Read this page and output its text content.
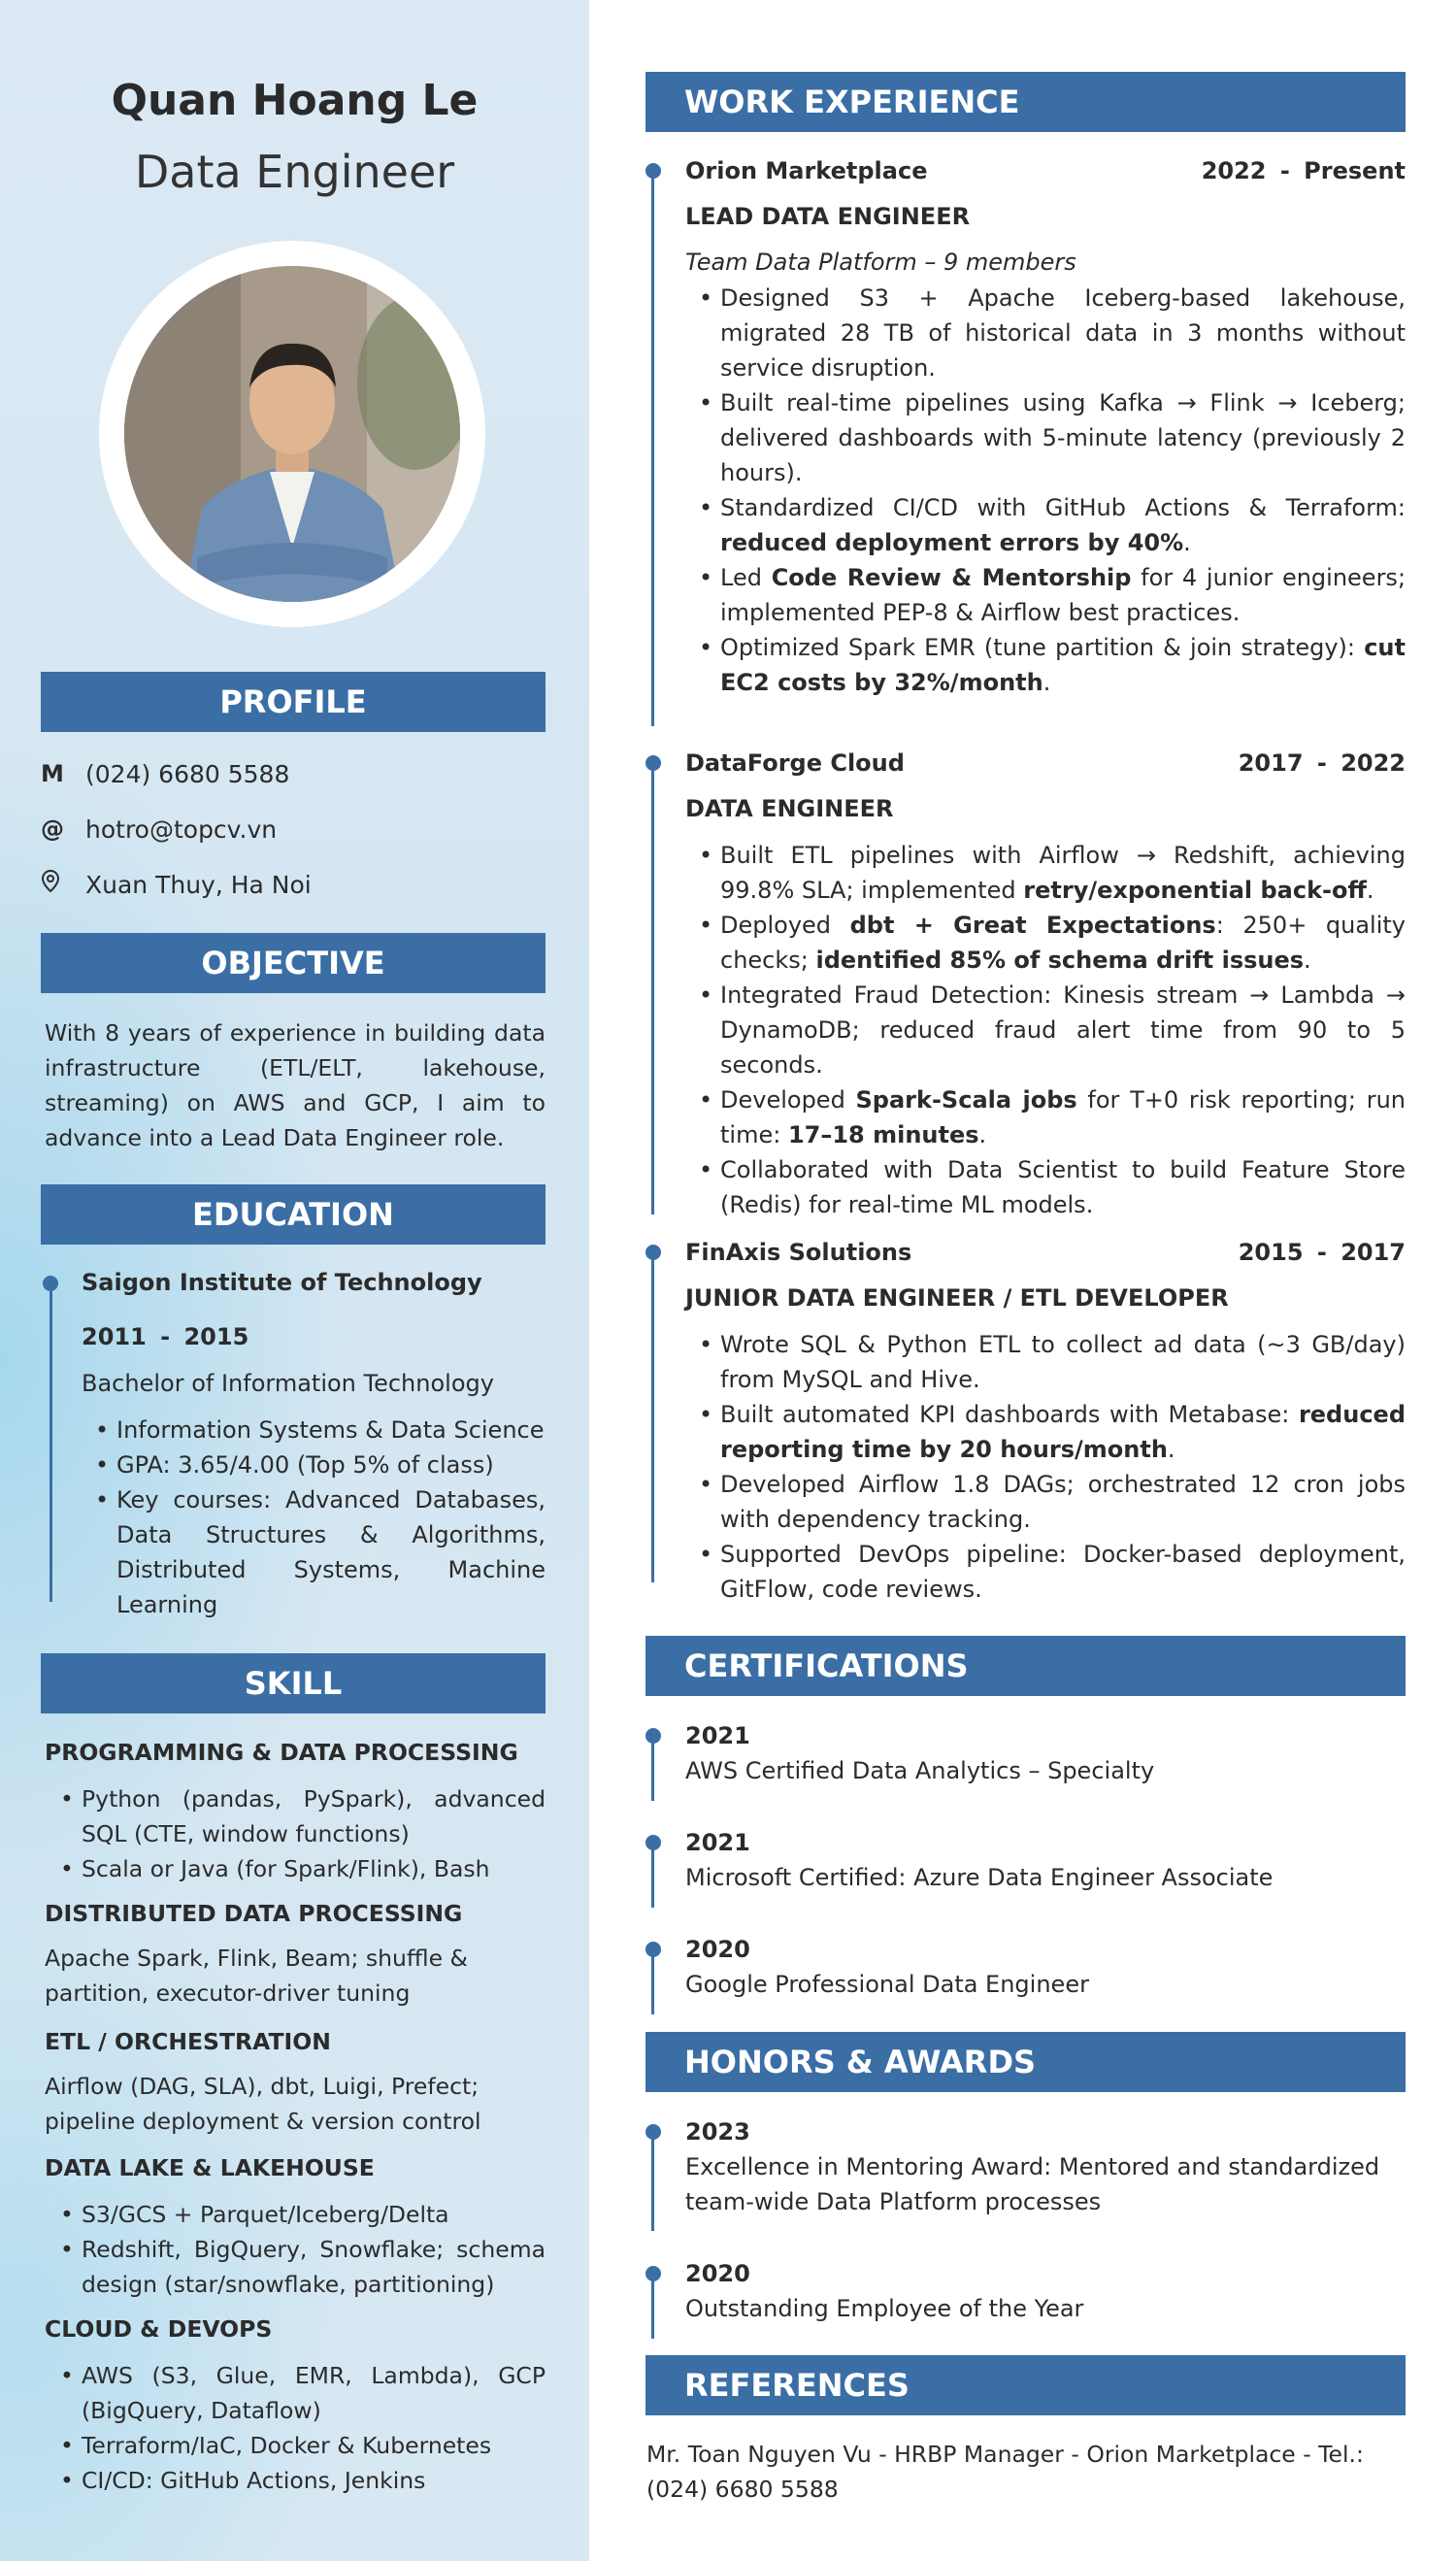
Quan Hoang Le
Data Engineer
PROFILE
M (024) 6680 5588
@ hotro@topcv.vn
Xuan Thuy, Ha Noi
OBJECTIVE
With 8 years of experience in building data infrastructure (ETL/ELT, lakehouse, streaming) on AWS and GCP, I aim to advance into a Lead Data Engineer role.
EDUCATION
Saigon Institute of Technology
2011 - 2015
Bachelor of Information Technology
• Information Systems & Data Science
• GPA: 3.65/4.00 (Top 5% of class)
• Key courses: Advanced Databases, Data Structures & Algorithms, Distributed Systems, Machine Learning
SKILL
PROGRAMMING & DATA PROCESSING
• Python (pandas, PySpark), advanced SQL (CTE, window functions)
• Scala or Java (for Spark/Flink), Bash
DISTRIBUTED DATA PROCESSING
Apache Spark, Flink, Beam; shuffle & partition, executor-driver tuning
ETL / ORCHESTRATION
Airflow (DAG, SLA), dbt, Luigi, Prefect; pipeline deployment & version control
DATA LAKE & LAKEHOUSE
• S3/GCS + Parquet/Iceberg/Delta
• Redshift, BigQuery, Snowflake; schema design (star/snowflake, partitioning)
CLOUD & DEVOPS
• AWS (S3, Glue, EMR, Lambda), GCP (BigQuery, Dataflow)
• Terraform/IaC, Docker & Kubernetes
• CI/CD: GitHub Actions, Jenkins
WORK EXPERIENCE
Orion Marketplace	2022 - Present
LEAD DATA ENGINEER
Team Data Platform – 9 members
• Designed S3 + Apache Iceberg-based lakehouse, migrated 28 TB of historical data in 3 months without service disruption.
• Built real-time pipelines using Kafka → Flink → Iceberg; delivered dashboards with 5-minute latency (previously 2 hours).
• Standardized CI/CD with GitHub Actions & Terraform: reduced deployment errors by 40%.
• Led Code Review & Mentorship for 4 junior engineers; implemented PEP-8 & Airflow best practices.
• Optimized Spark EMR (tune partition & join strategy): cut EC2 costs by 32%/month.
DataForge Cloud	2017 - 2022
DATA ENGINEER
• Built ETL pipelines with Airflow → Redshift, achieving 99.8% SLA; implemented retry/exponential back-off.
• Deployed dbt + Great Expectations: 250+ quality checks; identified 85% of schema drift issues.
• Integrated Fraud Detection: Kinesis stream → Lambda → DynamoDB; reduced fraud alert time from 90 to 5 seconds.
• Developed Spark-Scala jobs for T+0 risk reporting; run time: 17–18 minutes.
• Collaborated with Data Scientist to build Feature Store (Redis) for real-time ML models.
FinAxis Solutions	2015 - 2017
JUNIOR DATA ENGINEER / ETL DEVELOPER
• Wrote SQL & Python ETL to collect ad data (~3 GB/day) from MySQL and Hive.
• Built automated KPI dashboards with Metabase: reduced reporting time by 20 hours/month.
• Developed Airflow 1.8 DAGs; orchestrated 12 cron jobs with dependency tracking.
• Supported DevOps pipeline: Docker-based deployment, GitFlow, code reviews.
CERTIFICATIONS
2021
AWS Certified Data Analytics – Specialty
2021
Microsoft Certified: Azure Data Engineer Associate
2020
Google Professional Data Engineer
HONORS & AWARDS
2023
Excellence in Mentoring Award: Mentored and standardized team-wide Data Platform processes
2020
Outstanding Employee of the Year
REFERENCES
Mr. Toan Nguyen Vu - HRBP Manager - Orion Marketplace - Tel.: (024) 6680 5588
